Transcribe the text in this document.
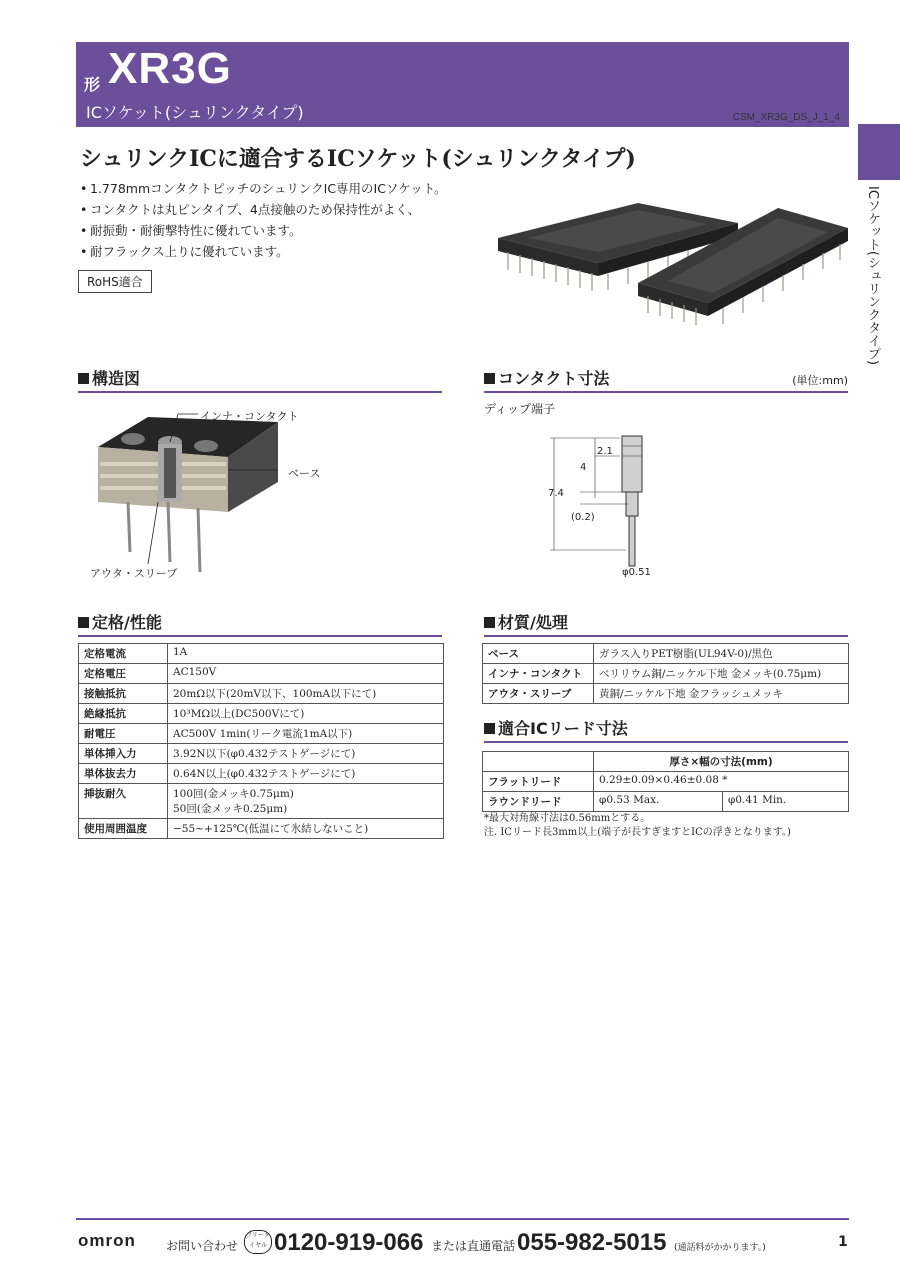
形 XR3G
ICソケット(シュリンクタイプ)	CSM_XR3G_DS_J_1_4
ICソケット(シュリンクタイプ)
シュリンクICに適合するICソケット(シュリンクタイプ)
• 1.778mmコンタクトピッチのシュリンクIC専用のICソケット。
• コンタクトは丸ピンタイプ、4点接触のため保持性がよく、
• 耐振動・耐衝撃特性に優れています。
• 耐フラックス上りに優れています。
RoHS適合
構造図
インナ・コンタクト
ベース
アウタ・スリーブ
コンタクト寸法	(単位:mm)
ディップ端子
7.4
2.1
4
(0.2)
φ0.51
定格/性能
定格電流	1A
定格電圧	AC150V
接触抵抗	20mΩ以下(20mV以下、100mA以下にて)
絶縁抵抗	10³MΩ以上(DC500Vにて)
耐電圧	AC500V 1min(リーク電流1mA以下)
単体挿入力	3.92N以下(φ0.432テストゲージにて)
単体抜去力	0.64N以上(φ0.432テストゲージにて)
挿抜耐久	100回(金メッキ0.75μm)
50回(金メッキ0.25μm)

使用周囲温度	−55~+125℃(低温にて氷結しないこと)
材質/処理
ベース	ガラス入りPET樹脂(UL94V-0)/黒色
インナ・コンタクト	ベリリウム銅/ニッケル下地 金メッキ(0.75μm)
アウタ・スリーブ	黄銅/ニッケル下地 金フラッシュメッキ
適合ICリード寸法
	厚さ×幅の寸法(mm)	
フラットリード	0.29±0.09×0.46±0.08 *	
ラウンドリード	φ0.53 Max.	φ0.41 Min.
*最大対角線寸法は0.56mmとする。
注. ICリード長3mm以上(端子が長すぎますとICの浮きとなります。)
omron	お問い合わせ
フリーダイヤル 0120-919-066 または直通電話 055-982-5015 (通話料がかかります。)	1
